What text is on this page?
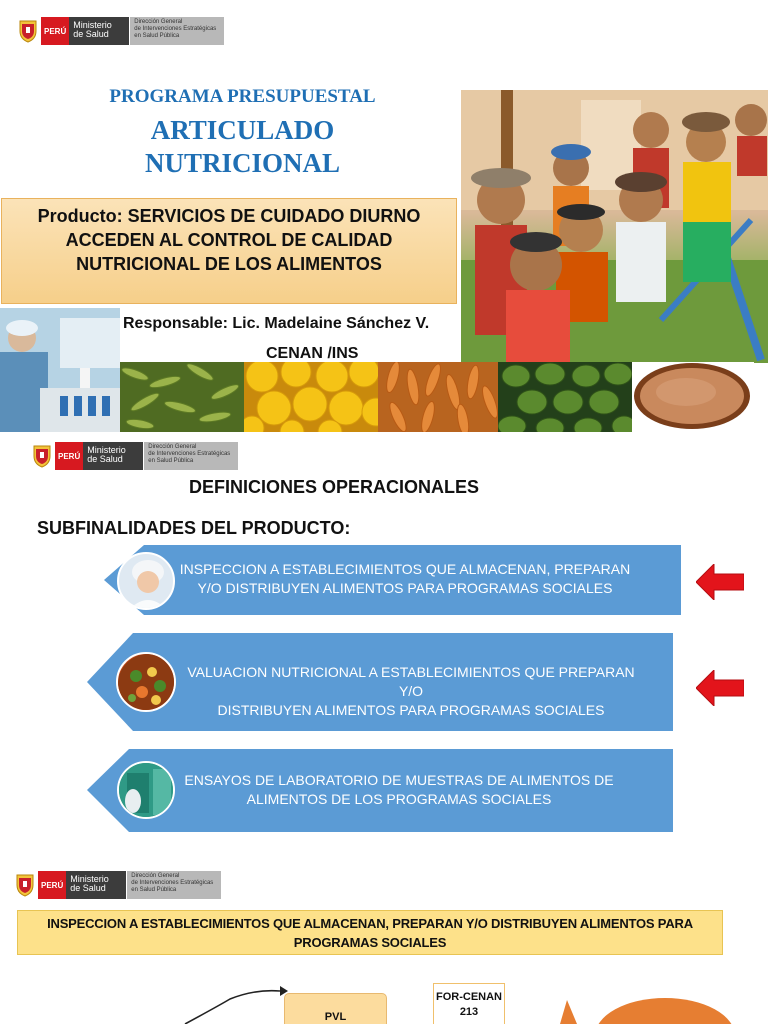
PERÚ
Ministerio
de Salud
Dirección General
de Intervenciones Estratégicas
en Salud Pública
PROGRAMA PRESUPUESTAL
ARTICULADO
NUTRICIONAL
Producto: SERVICIOS DE CUIDADO DIURNO
ACCEDEN AL CONTROL DE CALIDAD
NUTRICIONAL DE LOS ALIMENTOS
Responsable: Lic. Madelaine Sánchez V.
CENAN /INS
PERÚ
Ministerio
de Salud
Dirección General
de Intervenciones Estratégicas
en Salud Pública
DEFINICIONES OPERACIONALES
SUBFINALIDADES DEL PRODUCTO:
INSPECCION A ESTABLECIMIENTOS QUE ALMACENAN, PREPARAN
Y/O DISTRIBUYEN ALIMENTOS PARA PROGRAMAS SOCIALES
VALUACION NUTRICIONAL A ESTABLECIMIENTOS QUE PREPARAN Y/O
DISTRIBUYEN ALIMENTOS PARA PROGRAMAS SOCIALES
ENSAYOS DE LABORATORIO DE MUESTRAS DE ALIMENTOS DE
ALIMENTOS DE LOS PROGRAMAS SOCIALES
PERÚ
Ministerio
de Salud
Dirección General
de Intervenciones Estratégicas
en Salud Pública
INSPECCION A ESTABLECIMIENTOS QUE ALMACENAN, PREPARAN Y/O DISTRIBUYEN ALIMENTOS PARA
PROGRAMAS SOCIALES
PVL
FOR-CENAN
213
